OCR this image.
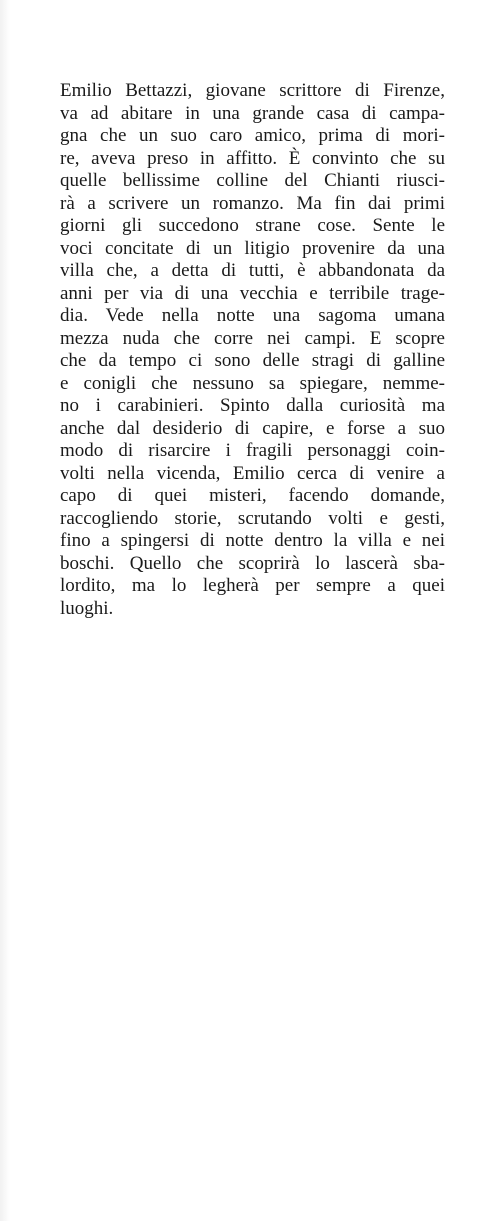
Emilio Bettazzi, giovane scrittore di Firenze,
va ad abitare in una grande casa di campa-
gna che un suo caro amico, prima di mori-
re, aveva preso in affitto. È convinto che su
quelle bellissime colline del Chianti riusci-
rà a scrivere un romanzo. Ma fin dai primi
giorni gli succedono strane cose. Sente le
voci concitate di un litigio provenire da una
villa che, a detta di tutti, è abbandonata da
anni per via di una vecchia e terribile trage-
dia. Vede nella notte una sagoma umana
mezza nuda che corre nei campi. E scopre
che da tempo ci sono delle stragi di galline
e conigli che nessuno sa spiegare, nemme-
no i carabinieri. Spinto dalla curiosità ma
anche dal desiderio di capire, e forse a suo
modo di risarcire i fragili personaggi coin-
volti nella vicenda, Emilio cerca di venire a
capo di quei misteri, facendo domande,
raccogliendo storie, scrutando volti e gesti,
fino a spingersi di notte dentro la villa e nei
boschi. Quello che scoprirà lo lascerà sba-
lordito, ma lo legherà per sempre a quei
luoghi.
